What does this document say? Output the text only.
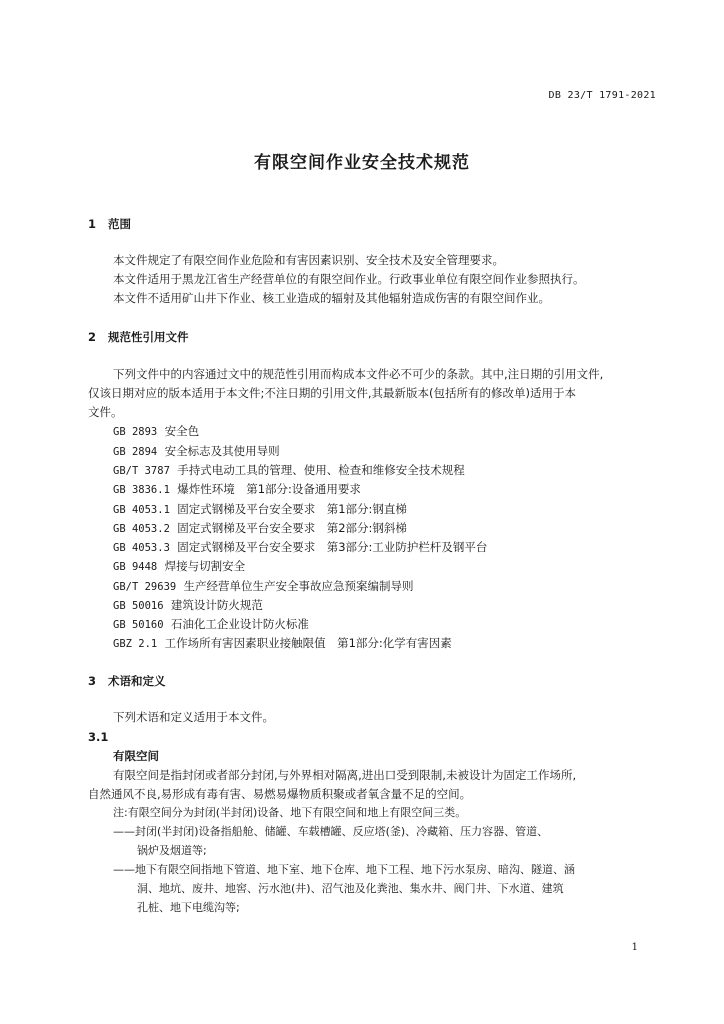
DB 23/T 1791-2021
有限空间作业安全技术规范
1 范围
本文件规定了有限空间作业危险和有害因素识别、安全技术及安全管理要求。
本文件适用于黑龙江省生产经营单位的有限空间作业。行政事业单位有限空间作业参照执行。
本文件不适用矿山井下作业、核工业造成的辐射及其他辐射造成伤害的有限空间作业。
2 规范性引用文件
下列文件中的内容通过文中的规范性引用而构成本文件必不可少的条款。其中,注日期的引用文件,
仅该日期对应的版本适用于本文件;不注日期的引用文件,其最新版本(包括所有的修改单)适用于本
文件。
GB 2893 安全色
GB 2894 安全标志及其使用导则
GB/T 3787 手持式电动工具的管理、使用、检查和维修安全技术规程
GB 3836.1 爆炸性环境　第1部分:设备通用要求
GB 4053.1 固定式钢梯及平台安全要求　第1部分:钢直梯
GB 4053.2 固定式钢梯及平台安全要求　第2部分:钢斜梯
GB 4053.3 固定式钢梯及平台安全要求　第3部分:工业防护栏杆及钢平台
GB 9448 焊接与切割安全
GB/T 29639 生产经营单位生产安全事故应急预案编制导则
GB 50016 建筑设计防火规范
GB 50160 石油化工企业设计防火标准
GBZ 2.1 工作场所有害因素职业接触限值　第1部分:化学有害因素
3 术语和定义
下列术语和定义适用于本文件。
3.1
有限空间
有限空间是指封闭或者部分封闭,与外界相对隔离,进出口受到限制,未被设计为固定工作场所,
自然通风不良,易形成有毒有害、易燃易爆物质积聚或者氧含量不足的空间。
注:有限空间分为封闭(半封闭)设备、地下有限空间和地上有限空间三类。
——封闭(半封闭)设备指船舱、储罐、车载槽罐、反应塔(釜)、冷藏箱、压力容器、管道、
锅炉及烟道等;
——地下有限空间指地下管道、地下室、地下仓库、地下工程、地下污水泵房、暗沟、隧道、涵
洞、地坑、废井、地窖、污水池(井)、沼气池及化粪池、集水井、阀门井、下水道、建筑
孔桩、地下电缆沟等;
1
